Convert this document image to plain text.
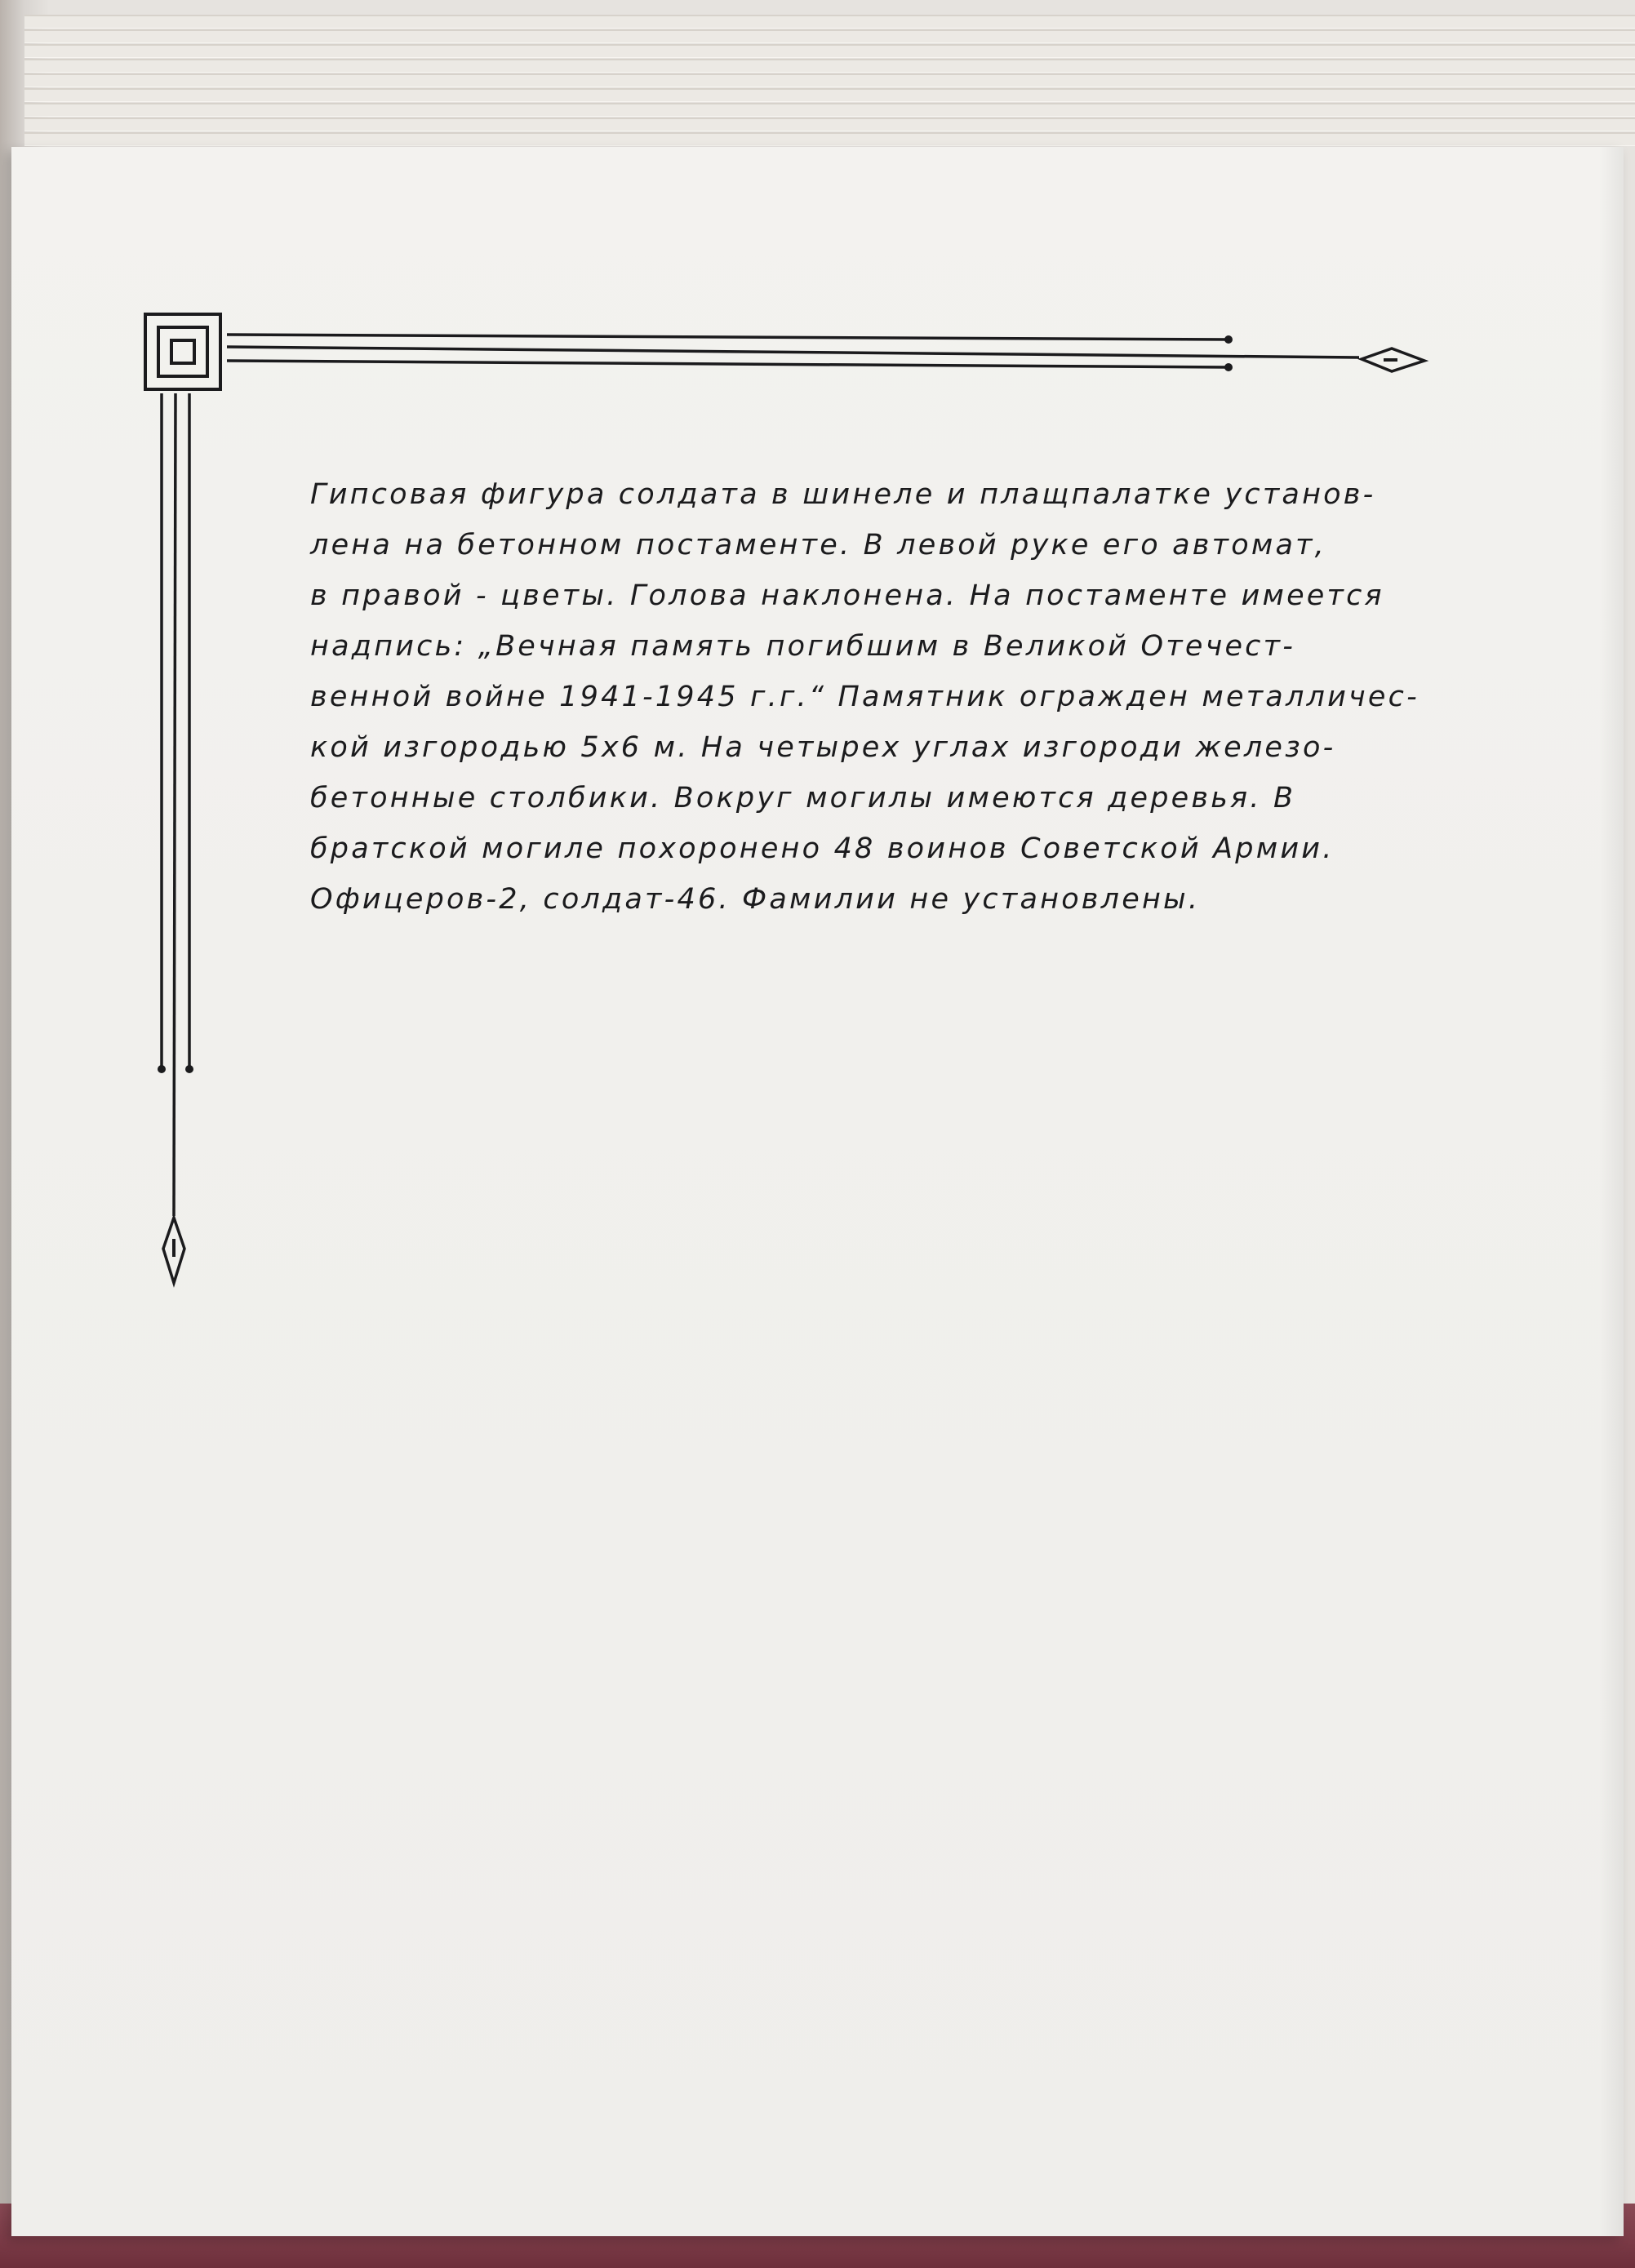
Гипсовая фигура солдата в шинеле и плащпалатке установ-
лена на бетонном постаменте. В левой руке его автомат,
в правой - цветы. Голова наклонена. На постаменте имеется
надпись: „Вечная память погибшим в Великой Отечест-
венной войне 1941-1945 г.г.“ Памятник огражден металличес-
кой изгородью 5х6 м. На четырех углах изгороди железо-
бетонные столбики. Вокруг могилы имеются деревья. В
братской могиле похоронено 48 воинов Советской Армии.
Офицеров-2, солдат-46. Фамилии не установлены.
